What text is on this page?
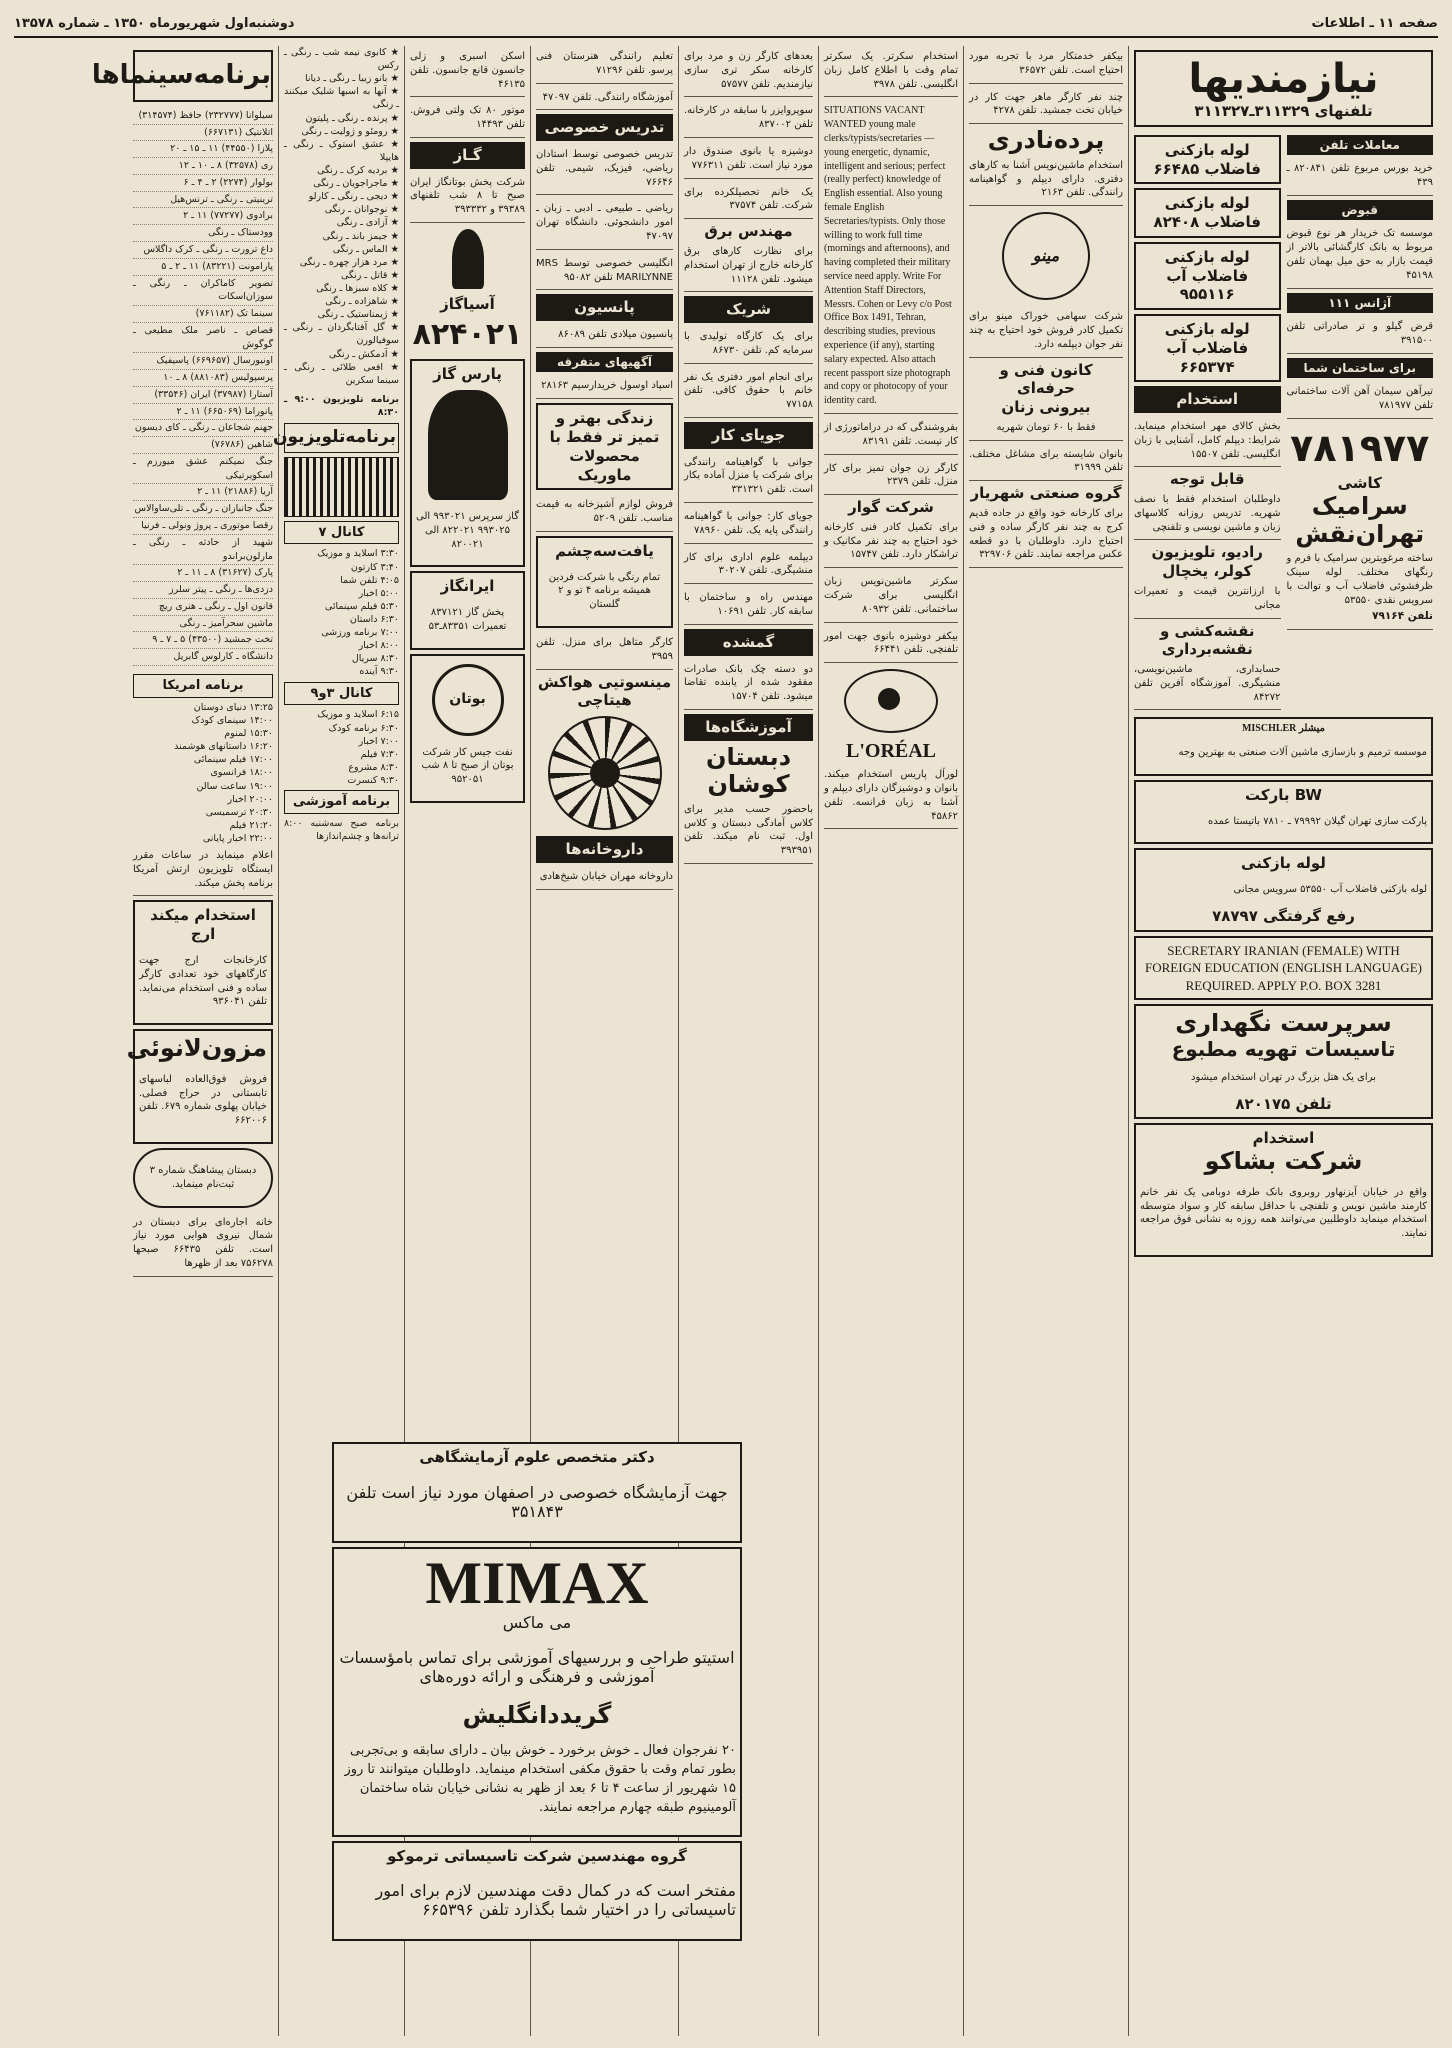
صفحه ۱۱ ـ اطلاعات
دوشنبه‌اول شهریورماه ۱۳۵۰ ـ شماره ۱۳۵۷۸
نیازمندیها
تلفنهای ۳۱۱۳۲۹ـ۳۱۱۳۲۷
معاملات تلفن

خرید بورس مربوع تلفن ۸۲۰۸۴۱ ـ ۴۳۹

قبوض

موسسه تک خریدار هر نوع قبوض مربوط به بانک کارگشائی بالاتر از قیمت بازار به حق میل بهمان تلفن ۴۵۱۹۸

آژانس ۱۱۱

قرض گیلو و تر صادراتی تلفن ۳۹۱۵۰۰

برای ساختمان شما

تیرآهن سیمان آهن آلات ساختمانی تلفن ۷۸۱۹۷۷

۷۸۱۹۷۷
کاشی
سرامیک تهران‌نقش

ساخته مرغوبترین سرامیک با فرم و رنگهای مختلف. لوله سینک ظرفشوئی فاضلاب آب و توالت با سرویس نقدی ۵۳۵۵۰

تلفن ۷۹۱۶۴
لوله بازکنی فاضلاب ۶۶۴۸۵
لوله بازکنی فاضلاب ۸۲۴۰۸
لوله بازکنی فاضلاب آب ۹۵۵۱۱۶
لوله بازکنی فاضلاب آب ۶۶۵۳۷۴
استخدام

بخش کالای مهر استخدام مینماید. شرایط: دیپلم کامل، آشنایی با زبان انگلیسی. تلفن ۱۵۵۰۷

قابل توجه

داوطلبان استخدام فقط با نصف شهریه. تدریس روزانه کلاسهای زبان و ماشین نویسی و تلفنچی

رادیو، تلویزیون
کولر، یخچال

با ارزانترین قیمت و تعمیرات مجانی

نقشه‌کشی و نقشه‌برداری

حسابداری، ماشین‌نویسی، منشیگری. آموزشگاه آفرین تلفن ۸۴۲۷۲

MISCHLER میشلر

موسسه ترمیم و بازسازی ماشین آلات صنعتی به بهترین وجه

BW بارکت

پارکت سازی تهران گیلان ۷۹۹۹۲ ـ ۷۸۱۰ باتیستا عمده

لوله بازکنی

لوله بازکنی فاضلاب آب ۵۳۵۵۰ سرویس مجانی

رفع گرفتگی ۷۸۷۹۷
SECRETARY IRANIAN (FEMALE) WITH FOREIGN EDUCATION (ENGLISH LANGUAGE) REQUIRED. APPLY P.O. BOX 3281
سرپرست نگهداری
تاسیسات تهویه مطبوع

برای یک هتل بزرگ در تهران استخدام میشود

تلفن ۸۲۰۱۷۵
استخدام
شرکت بشاکو

واقع در خیابان آیزنهاور روبروی بانک طرفه دوبامی یک نفر خانم کارمند ماشین نویس و تلفنچی با حداقل سابقه کار و سواد متوسطه استخدام مینماید داوطلبین می‌توانند همه روزه به نشانی فوق مراجعه نمایند.

بیکفر خدمتکار مرد با تجربه مورد احتیاج است. تلفن ۳۶۵۷۲

چند نفر کارگر ماهر جهت کار در خیابان تخت جمشید. تلفن ۴۲۷۸

پرده‌نادری

استخدام ماشین‌نویس آشنا به کارهای دفتری. دارای دیپلم و گواهینامه رانندگی. تلفن ۲۱۶۳

مینو

شرکت سهامی خوراک مینو برای تکمیل کادر فروش خود احتیاج به چند نفر جوان دیپلمه دارد.

کانون فنی و حرفه‌ای
بیرونی زنان

فقط با ۶۰ تومان شهریه

بانوان شایسته برای مشاغل مختلف. تلفن ۳۱۹۹۹

گروه صنعتی شهریار

برای کارخانه خود واقع در جاده قدیم کرج به چند نفر کارگر ساده و فنی احتیاج دارد. داوطلبان با دو قطعه عکس مراجعه نمایند. تلفن ۳۲۹۷۰۶

استخدام سکرتر. یک سکرتر تمام وقت با اطلاع کامل زبان انگلیسی. تلفن ۳۹۷۸

SITUATIONS VACANT WANTED young male clerks/typists/secretaries — young energetic, dynamic, intelligent and serious; perfect (really perfect) knowledge of English essential. Also young female English Secretaries/typists. Only those willing to work full time (mornings and afternoons), and having completed their military service need apply. Write For Attention Staff Directors, Messrs. Cohen or Levy c/o Post Office Box 1491, Tehran, describing studies, previous experience (if any), starting salary expected. Also attach recent passport size photograph and copy or photocopy of your identity card.

بفروشندگی که در دراماتورژی از کار نیست. تلفن ۸۳۱۹۱

کارگر زن جوان تمیز برای کار منزل. تلفن ۲۳۷۹

شرکت گوار

برای تکمیل کادر فنی کارخانه خود احتیاج به چند نفر مکانیک و تراشکار دارد. تلفن ۱۵۷۴۷

سکرتر ماشین‌نویس زبان انگلیسی برای شرکت ساختمانی. تلفن ۸۰۹۳۲

بیکفر دوشیزه بانوی جهت امور تلفنچی. تلفن ۶۶۴۴۱

L'ORÉAL

لورآل پاریس استخدام میکند. بانوان و دوشیزگان دارای دیپلم و آشنا به زبان فرانسه. تلفن ۴۵۸۶۲

بعدهای کارگر زن و مرد برای کارخانه سکر تری سازی نیازمندیم. تلفن ۵۷۵۷۷

سوپروایزر با سابقه در کارخانه. تلفن ۸۳۷۰۰۲

دوشیزه یا بانوی صندوق دار مورد نیاز است. تلفن ۷۷۶۳۱۱

یک خانم تحصیلکرده برای شرکت. تلفن ۳۷۵۷۴

مهندس برق

برای نظارت کارهای برق کارخانه خارج از تهران استخدام میشود. تلفن ۱۱۱۲۸

شریک

برای یک کارگاه تولیدی با سرمایه کم. تلفن ۸۶۷۳۰

برای انجام امور دفتری یک نفر خانم با حقوق کافی. تلفن ۷۷۱۵۸

جویای کار

جوانی با گواهینامه رانندگی برای شرکت یا منزل آماده بکار است. تلفن ۳۳۱۳۲۱

جویای کار: جوانی با گواهینامه رانندگی پایه یک. تلفن ۷۸۹۶۰

دیپلمه علوم اداری برای کار منشیگری. تلفن ۳۰۲۰۷

مهندس راه و ساختمان با سابقه کار. تلفن ۱۰۶۹۱

گمشده

دو دسته چک بانک صادرات مفقود شده از یابنده تقاضا میشود. تلفن ۱۵۷۰۴

آموزشگاه‌ها
دبستان کوشان

باحضور حسب مدیر برای کلاس آمادگی دبستان و کلاس اول. ثبت نام میکند. تلفن ۳۹۳۹۵۱

تعلیم رانندگی هنرستان فنی پرسو. تلفن ۷۱۲۹۶

آموزشگاه رانندگی. تلفن ۴۷۰۹۷

تدریس خصوصی

تدریس خصوصی توسط استادان ریاضی، فیزیک، شیمی. تلفن ۷۶۶۴۶

ریاضی ـ طبیعی ـ ادبی ـ زبان ـ امور دانشجوئی. دانشگاه تهران ۴۷۰۹۷

انگلیسی خصوصی توسط MRS MARILYNNE تلفن ۹۵۰۸۲

پانسیون

پانسیون میلادی تلفن ۸۶۰۸۹

آگهیهای متفرقه

اسپاد اوسول خریدارسیم ۲۸۱۶۳

زندگی بهتر و تمیز تر فقط با محصولات ماوریک

فروش لوازم آشپزخانه به قیمت مناسب. تلفن ۵۲۰۹

یافت‌سه‌چشم

تمام رنگی با شرکت فردین همیشه برنامه ۴ تو و ۲ گلستان

کارگر متاهل برای منزل. تلفن ۳۹۵۹

مینسوتیی هواکش هیتاچی
داروخانه‌ها

داروخانه مهران خیابان شیخ‌هادی

اسکن اسبری و زلی جانسون قانع جانسون. تلفن ۴۶۱۳۵

موتور ۸۰ تک ولتی فروش. تلفن ۱۴۴۹۳

گـاز

شرکت پخش بوتانگاز ایران صبح تا ۸ شب تلفنهای ۳۹۳۸۹ و ۳۹۳۳۳۲

آسیاگاز
۸۲۴۰۲۱
پارس گاز

گاز سرپرس ۹۹۳۰۲۱ الی ۹۹۳۰۲۵ ۸۲۲۰۲۱ الی ۸۲۰۰۲۱

ایرانگاز

پخش گاز ۸۳۷۱۲۱ تعمیرات ۸۳۳۵۱ـ۵۳

بوتان

نفت جیس کار شرکت بوتان از صبح تا ۸ شب ۹۵۲۰۵۱

★ کابوی نیمه شب ـ رنگی ـ رکس
★ بانو زیبا ـ رنگی ـ دیانا
★ آنها به اسبها شلیک میکنند ـ رنگی
★ پرنده ـ رنگی ـ پلیتون
★ رومئو و ژولیت ـ رنگی
★ عشق استوک ـ رنگی ـ هایپلا
★ بردیه کرک ـ رنگی
★ ماجراجویان ـ رنگی
★ دیجی ـ رنگی ـ کارلو
★ نوجوانان ـ رنگی
★ آزادی ـ رنگی
★ جیمز باند ـ رنگی
★ الماس ـ رنگی
★ مرد هزار چهره ـ رنگی
★ قاتل ـ رنگی
★ کلاه سبزها ـ رنگی
★ شاهزاده ـ رنگی
★ ژیمناستیک ـ رنگی
★ گل آفتابگردان ـ رنگی ـ سوفیالورن
★ آدمکش ـ رنگی
★ افعی طلائی ـ رنگی ـ سینما سکرین
برنامه تلویزیون ۹:۰۰ ـ ۸:۳۰
برنامه‌تلویزیون
کانال ۷
۳:۳۰ اسلاید و موزیک
۳:۴۰ کارتون
۴:۰۵ تلفن شما
۵:۰۰ اخبار
۵:۳۰ فیلم سینمائی
۶:۳۰ داستان
۷:۰۰ برنامه ورزشی
۸:۰۰ اخبار
۸:۳۰ سریال
۹:۳۰ آینده
کانال ۳و۹
۶:۱۵ اسلاید و موزیک
۶:۳۰ برنامه کودک
۷:۰۰ اخبار
۷:۳۰ فیلم
۸:۳۰ مشروع
۹:۳۰ کنسرت
برنامه آموزشی
برنامه صبح سه‌شنبه ۸:۰۰ ترانه‌ها و چشم‌اندازها
برنامه‌سینماها
سیلوانا (۲۳۲۷۷۷) حافظ (۳۱۴۵۷۴)
اتلانتیک (۶۶۷۱۳۱)
پلازا (۴۴۵۵۰) ۱۱ ـ ۱۵ ـ ۲۰
ری (۳۲۵۷۸) ۸ ـ ۱۰ ـ ۱۲
بولوار (۲۲۷۴) ۲ ـ ۴ ـ ۶
ترینیتی ـ رنگی ـ ترنس‌هیل
برادوی (۷۷۲۷۷) ۱۱ ـ ۲
وودستاک ـ رنگی
داغ ترورت ـ رنگی ـ کرک داگلاس
پارامونت (۸۳۲۲۱) ۱۱ ـ ۲ ـ ۵
تصویر کاماکران ـ رنگی ـ سوزان‌اسکات
سینما تک (۷۶۱۱۸۲)
قصاص ـ ناصر ملک مطیعی ـ گوگوش
اونیورسال (۶۶۹۶۵۷) پاسیفیک
پرسپولیس (۸۸۱۰۸۳) ۸ ـ ۱۰
آستارا (۳۷۹۸۷) ایران (۳۳۵۴۶)
پانوراما (۶۶۵۰۶۹) ۱۱ ـ ۲
جهنم شجاعان ـ رنگی ـ کای دیسون
شاهین (۷۶۷۸۶)
جنگ نمیکنم عشق میورزم ـ اسکویرتیکی
آریا (۲۱۸۸۶) ۱۱ ـ ۲
جنگ جانبازان ـ رنگی ـ تلی‌ساوالاس
رقصا موتوری ـ پروژ ونولی ـ فرنیا
شهید از حادثه ـ رنگی ـ مارلون‌براندو
پارک (۳۱۶۲۷) ۸ ـ ۱۱ ـ ۲
دزدی‌ها ـ رنگی ـ پیتر سلرز
قانون اول ـ رنگی ـ هنری ریچ
ماشین سحرآمیز ـ رنگی
تخت جمشید (۴۳۵۰۰) ۵ ـ ۷ ـ ۹
دانشگاه ـ کارلوس گابریل
برنامه امریکا
۱۳:۲۵ دنیای دوستان
۱۴:۰۰ سینمای کودک
۱۵:۳۰ لمنوم
۱۶:۲۰ داستانهای هوشمند
۱۷:۰۰ فیلم سینمائی
۱۸:۰۰ فرانسوی
۱۹:۰۰ ساعت سالن
۲۰:۰۰ اخبار
۲۰:۳۰ ترسمیسی
۲۱:۲۰ فیلم
۲۲:۰۰ اخبار پایانی

اعلام مینماید در ساعات مقرر ایستگاه تلویزیون ارتش آمریکا برنامه پخش میکند.

استخدام میکند ارج

کارخانجات ارج جهت کارگاههای خود تعدادی کارگر ساده و فنی استخدام می‌نماید. تلفن ۹۳۶۰۴۱

مزون‌لانوئی

فروش فوق‌العاده لباسهای تابستانی در حراج فصلی. خیابان پهلوی شماره ۶۷۹. تلفن ۶۶۲۰۰۶

دبستان پیشاهنگ شماره ۳ ثبت‌نام مینماید.

خانه اجاره‌ای برای دبستان در شمال نیروی هوایی مورد نیاز است. تلفن ۶۶۴۳۵ صبحها ۷۵۶۲۷۸ بعد از ظهرها

دکتر متخصص علوم آزمایشگاهی

جهت آزمایشگاه خصوصی در اصفهان مورد نیاز است تلفن ۳۵۱۸۴۳

MIMAX
می ماکس

استیتو طراحی و بررسیهای آموزشی برای تماس بامؤسسات آموزشی و فرهنگی و ارائه دوره‌های

گریددانگلیش

۲۰ نفرجوان فعال ـ خوش برخورد ـ خوش بیان ـ دارای سابقه و بی‌تجربی بطور تمام وقت با حقوق مکفی استخدام مینماید. داوطلبان میتوانند تا روز ۱۵ شهریور از ساعت ۴ تا ۶ بعد از ظهر به نشانی خیابان شاه ساختمان آلومینیوم طبقه چهارم مراجعه نمایند.

گروه مهندسین شرکت تاسیساتی ترموکو

مفتخر است که در کمال دقت مهندسین لازم برای امور تاسیساتی را در اختیار شما بگذارد تلفن ۶۶۵۳۹۶
